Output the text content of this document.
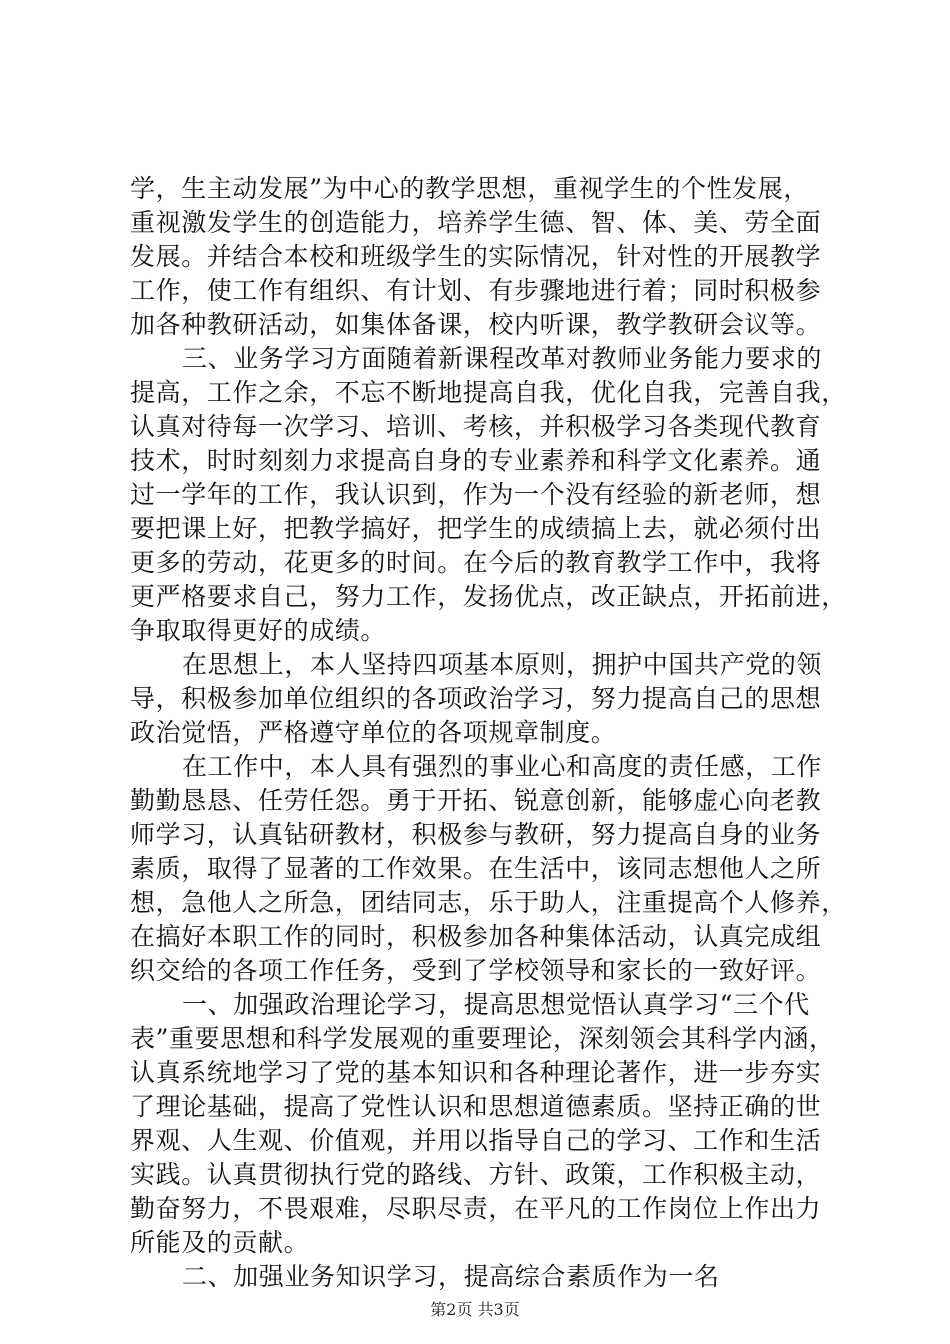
学，生主动发展”为中心的教学思想，重视学生的个性发展，
重视激发学生的创造能力，培养学生德、智、体、美、劳全面
发展。并结合本校和班级学生的实际情况，针对性的开展教学
工作，使工作有组织、有计划、有步骤地进行着；同时积极参
加各种教研活动，如集体备课，校内听课，教学教研会议等。
三、业务学习方面随着新课程改革对教师业务能力要求的
提高，工作之余，不忘不断地提高自我，优化自我，完善自我，
认真对待每一次学习、培训、考核，并积极学习各类现代教育
技术，时时刻刻力求提高自身的专业素养和科学文化素养。通
过一学年的工作，我认识到，作为一个没有经验的新老师，想
要把课上好，把教学搞好，把学生的成绩搞上去，就必须付出
更多的劳动，花更多的时间。在今后的教育教学工作中，我将
更严格要求自己，努力工作，发扬优点，改正缺点，开拓前进，
争取取得更好的成绩。
在思想上，本人坚持四项基本原则，拥护中国共产党的领
导，积极参加单位组织的各项政治学习，努力提高自己的思想
政治觉悟，严格遵守单位的各项规章制度。
在工作中，本人具有强烈的事业心和高度的责任感，工作
勤勤恳恳、任劳任怨。勇于开拓、锐意创新，能够虚心向老教
师学习，认真钻研教材，积极参与教研，努力提高自身的业务
素质，取得了显著的工作效果。在生活中，该同志想他人之所
想，急他人之所急，团结同志，乐于助人，注重提高个人修养，
在搞好本职工作的同时，积极参加各种集体活动，认真完成组
织交给的各项工作任务，受到了学校领导和家长的一致好评。
一、加强政治理论学习，提高思想觉悟认真学习“三个代
表”重要思想和科学发展观的重要理论，深刻领会其科学内涵，
认真系统地学习了党的基本知识和各种理论著作，进一步夯实
了理论基础，提高了党性认识和思想道德素质。坚持正确的世
界观、人生观、价值观，并用以指导自己的学习、工作和生活
实践。认真贯彻执行党的路线、方针、政策，工作积极主动，
勤奋努力，不畏艰难，尽职尽责，在平凡的工作岗位上作出力
所能及的贡献。
二、加强业务知识学习，提高综合素质作为一名
第2页 共3页
